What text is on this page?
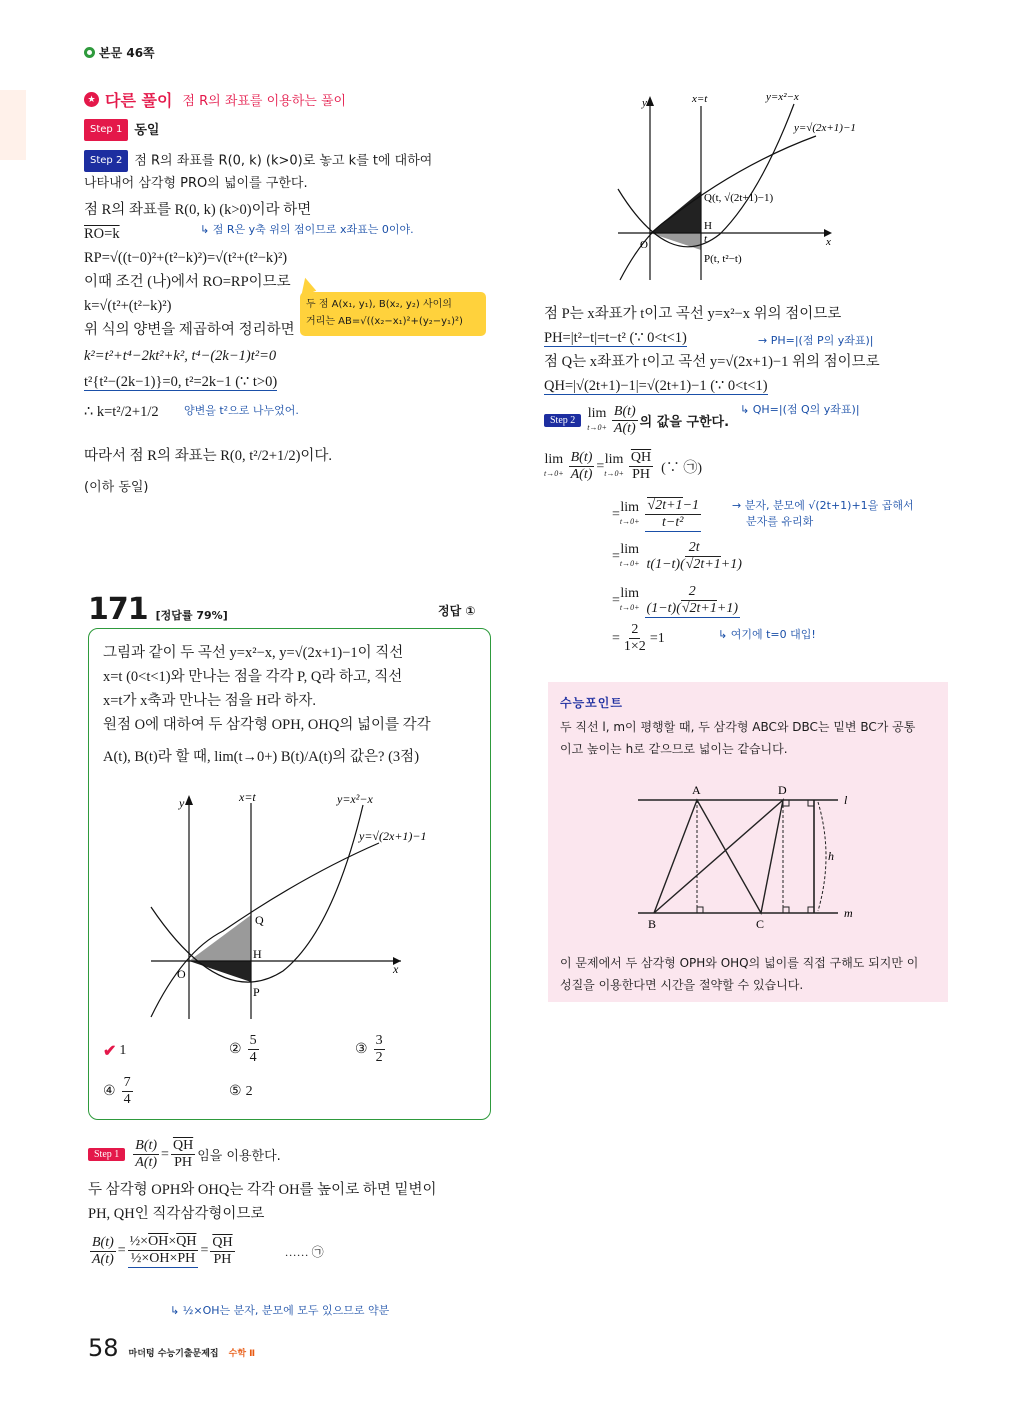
본문 46쪽
★ 다른 풀이 점 R의 좌표를 이용하는 풀이
Step 1 동일
Step 2 점 R의 좌표를 R(0, k) (k>0)로 놓고 k를 t에 대하여
나타내어 삼각형 PRO의 넓이를 구한다.
점 R의 좌표를 R(0, k) (k>0)이라 하면
RO=k	↳ 점 R은 y축 위의 점이므로 x좌표는 0이야.
RP=√((t−0)²+(t²−k)²)=√(t²+(t²−k)²)
이때 조건 (나)에서 RO=RP이므로
k=√(t²+(t²−k)²)
위 식의 양변을 제곱하여 정리하면
두 점 A(x₁, y₁), B(x₂, y₂) 사이의
거리는 AB=√((x₂−x₁)²+(y₂−y₁)²)
k²=t²+t⁴−2kt²+k², t⁴−(2k−1)t²=0
t²{t²−(2k−1)}=0, t²=2k−1 (∵ t>0)
∴ k=t²/2+1/2 양변을 t²으로 나누었어.
따라서 점 R의 좌표는 R(0, t²/2+1/2)이다.
(이하 동일)
171 [정답률 79%]	정답 ①
그림과 같이 두 곡선 y=x²−x, y=√(2x+1)−1이 직선
x=t (0<t<1)와 만나는 점을 각각 P, Q라 하고, 직선
x=t가 x축과 만나는 점을 H라 하자.
원점 O에 대하여 두 삼각형 OPH, OHQ의 넓이를 각각
A(t), B(t)라 할 때, lim(t→0+) B(t)/A(t)의 값은? (3점)
y	x=t	y=x²−x
y=√(2x+1)−1
x
O
Q
H
P
✔ 1	② $\frac{5}{4}$	③ $\frac{3}{2}$
④ $\frac{7}{4}$	⑤ 2
Step 1	$\frac{B(t)}{A(t)} = \frac{\overline{QH}}{PH}$ 임을 이용한다.
두 삼각형 OPH와 OHQ는 각각 OH를 높이로 하면 밑변이
PH, QH인 직각삼각형이므로
$\frac{B(t)}{A(t)} = \frac{\frac{1}{2}\times\overline{OH}\times\overline{QH}}{\frac{1}{2}\times\overline{OH}\times\overline{PH}} = \frac{\overline{QH}}{PH}$	…… ㉠
↳ ½×OH는 분자, 분모에 모두 있으므로 약분
58 마더텅 수능기출문제집 수학 Ⅱ
y	x=t	y=x²−x
y=√(2x+1)−1
x
O
Q(t, √(2t+1)−1)
H
t
P(t, t²−t)
점 P는 x좌표가 t이고 곡선 y=x²−x 위의 점이므로
PH=|t²−t|=t−t² (∵ 0<t<1)	→ PH=|(점 P의 y좌표)|
점 Q는 x좌표가 t이고 곡선 y=√(2x+1)−1 위의 점이므로
QH=|√(2t+1)−1|=√(2t+1)−1 (∵ 0<t<1)
↳ QH=|(점 Q의 y좌표)|
Step 2 lim
$t\to 0+ \frac{B(t)}{A(t)}$ 의 값을 구한다.
lim
$t\to 0+ \frac{B(t)}{A(t)} = \lim$
$t\to 0+ \frac{\overline{QH}}{PH}$ (∵ ㉠)
= lim
$t\to 0+ \frac{√2t+1-1}{\text{t−t²}}$	→ 분자, 분모에 √(2t+1)+1을 곱해서
분자를 유리화
= lim
$t\to 0+ \frac{2t}{t(1-t)(√2t+1+1)}$
= lim
$t\to 0+ \frac{2}{(1-t)(√2t+1+1)}$
↳ 여기에 t=0 대입!
= $\frac{2}{1\times 2} =1$
수능포인트
두 직선 l, m이 평행할 때, 두 삼각형 ABC와 DBC는 밑변 BC가 공통
이고 높이는 h로 같으므로 넓이는 같습니다.
A	D
B	C
l
m
h
이 문제에서 두 삼각형 OPH와 OHQ의 넓이를 직접 구해도 되지만 이
성질을 이용한다면 시간을 절약할 수 있습니다.
